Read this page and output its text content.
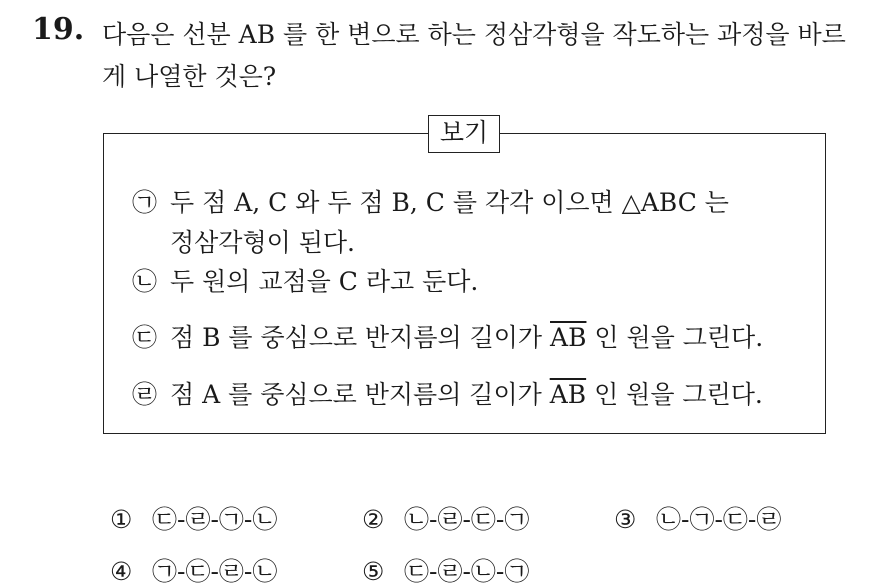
19. 다음은 선분 AB 를 한 변으로 하는 정삼각형을 작도하는 과정을 바르
게 나열한 것은?
보기
㉠ 두 점 A, C 와 두 점 B, C 를 각각 이으면 △ABC 는
정삼각형이 된다.
㉡ 두 원의 교점을 C 라고 둔다.
㉢ 점 B 를 중심으로 반지름의 길이가 $\overline{AB}$ 인 원을 그린다.
㉣ 점 A 를 중심으로 반지름의 길이가 $\overline{AB}$ 인 원을 그린다.
① ㉢-㉣-㉠-㉡	② ㉡-㉣-㉢-㉠	③ ㉡-㉠-㉢-㉣
④ ㉠-㉢-㉣-㉡	⑤ ㉢-㉣-㉡-㉠
